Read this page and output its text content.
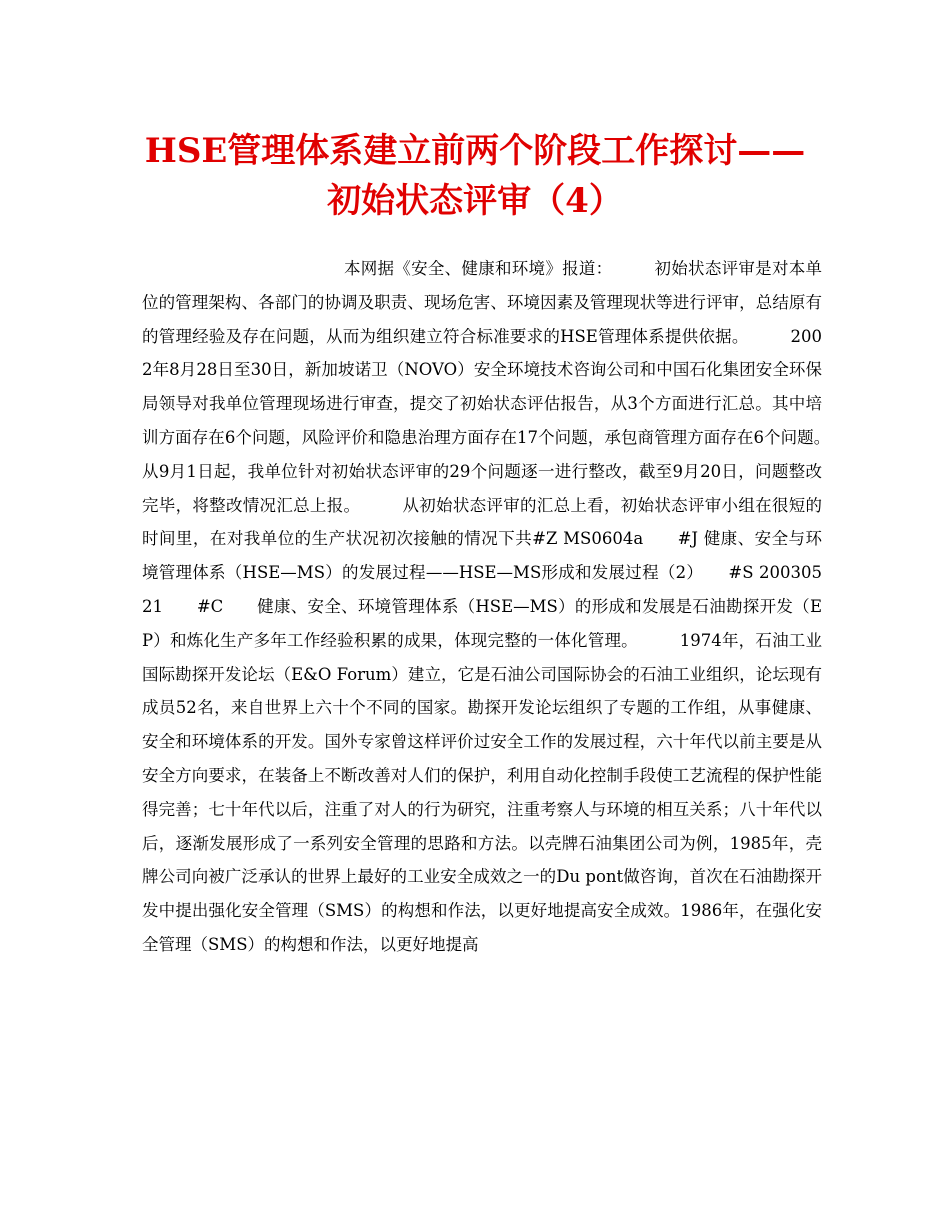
HSE管理体系建立前两个阶段工作探讨——
初始状态评审（4）
本网据《安全、健康和环境》报道：　　　初始状态评审是对本单位的管理架构、各部门的协调及职责、现场危害、环境因素及管理现状等进行评审，总结原有的管理经验及存在问题，从而为组织建立符合标准要求的HSE管理体系提供依据。　　　2002年8月28日至30日，新加坡诺卫（NOVO）安全环境技术咨询公司和中国石化集团安全环保局领导对我单位管理现场进行审查，提交了初始状态评估报告，从3个方面进行汇总。其中培训方面存在6个问题，风险评价和隐患治理方面存在17个问题，承包商管理方面存在6个问题。　　　从9月1日起，我单位针对初始状态评审的29个问题逐一进行整改，截至9月20日，问题整改完毕，将整改情况汇总上报。　　　从初始状态评审的汇总上看，初始状态评审小组在很短的时间里，在对我单位的生产状况初次接触的情况下共#Z MS0604a　　#J 健康、安全与环境管理体系（HSE—MS）的发展过程——HSE—MS形成和发展过程（2）　　#S 20030521　　#C　　健康、安全、环境管理体系（HSE—MS）的形成和发展是石油勘探开发（EP）和炼化生产多年工作经验积累的成果，体现完整的一体化管理。　　　1974年，石油工业国际勘探开发论坛（E&O Forum）建立，它是石油公司国际协会的石油工业组织，论坛现有成员52名，来自世界上六十个不同的国家。勘探开发论坛组织了专题的工作组，从事健康、安全和环境体系的开发。国外专家曾这样评价过安全工作的发展过程，六十年代以前主要是从安全方向要求，在装备上不断改善对人们的保护，利用自动化控制手段使工艺流程的保护性能得完善；七十年代以后，注重了对人的行为研究，注重考察人与环境的相互关系；八十年代以后，逐渐发展形成了一系列安全管理的思路和方法。以壳牌石油集团公司为例，1985年，壳牌公司向被广泛承认的世界上最好的工业安全成效之一的Du pont做咨询，首次在石油勘探开发中提出强化安全管理（SMS）的构想和作法，以更好地提高安全成效。1986年，在强化安全管理（SMS）的构想和作法，以更好地提高
